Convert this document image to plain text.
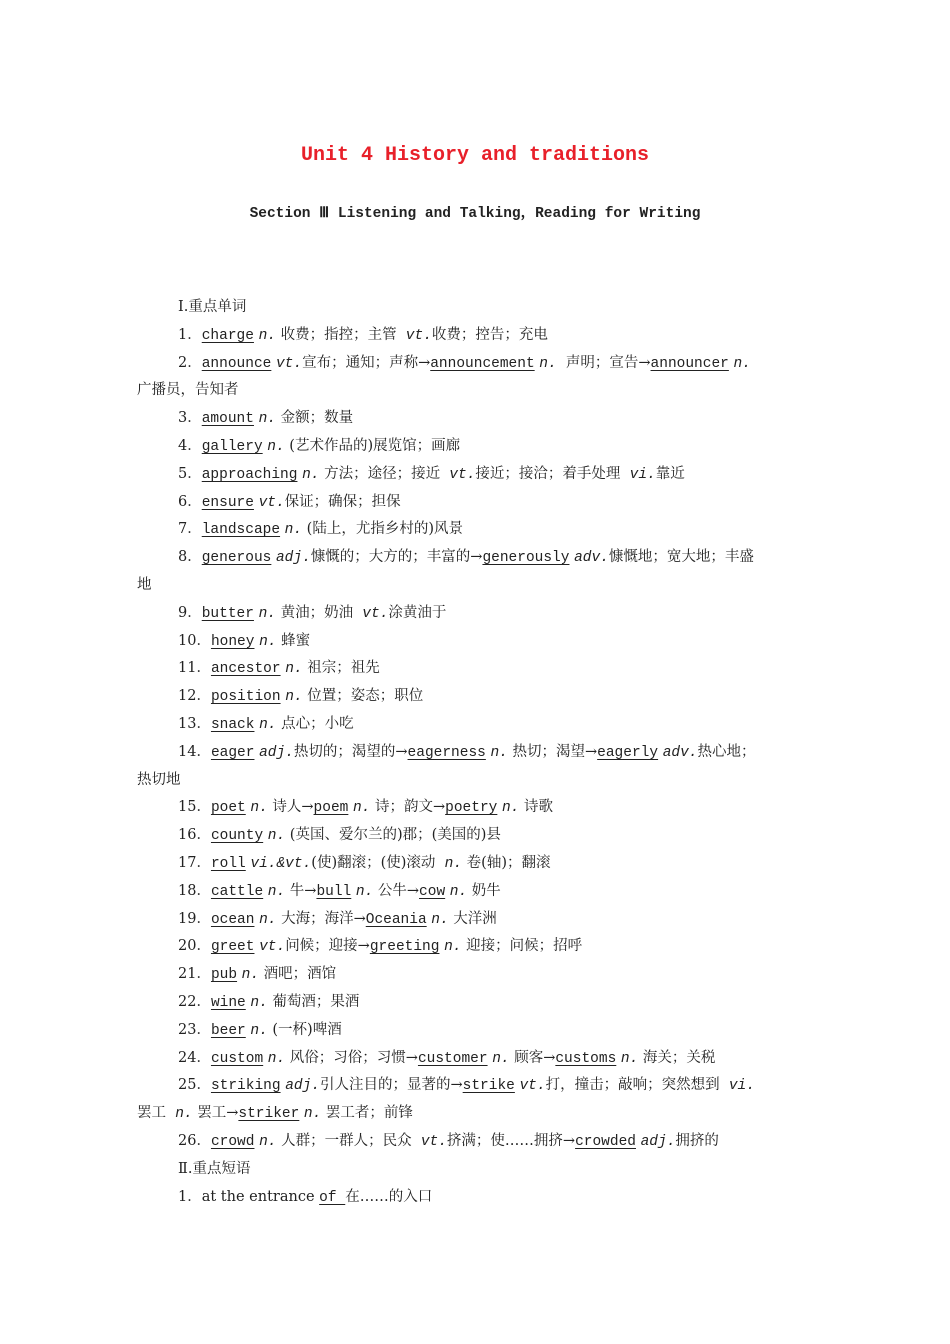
Unit 4 History and traditions
Section Ⅲ Listening and Talking，Reading for Writing
Ⅰ.重点单词
1．charge n. 收费；指控；主管  vt.收费；控告；充电
2．announce vt.宣布；通知；声称→announcement n.  声明；宣告→announcer n.
广播员，告知者
3．amount n. 金额；数量
4．gallery n. (艺术作品的)展览馆；画廊
5．approaching n. 方法；途径；接近  vt.接近；接洽；着手处理  vi.靠近
6．ensure vt.保证；确保；担保
7．landscape n. (陆上，尤指乡村的)风景
8．generous adj.慷慨的；大方的；丰富的→generously adv.慷慨地；宽大地；丰盛
地
9．butter n. 黄油；奶油  vt.涂黄油于
10．honey n. 蜂蜜
11．ancestor n. 祖宗；祖先
12．position n. 位置；姿态；职位
13．snack n. 点心；小吃
14．eager adj.热切的；渴望的→eagerness n. 热切；渴望→eagerly adv.热心地；
热切地
15．poet n. 诗人→poem n. 诗；韵文→poetry n. 诗歌
16．county n. (英国、爱尔兰的)郡；(美国的)县
17．roll vi.&vt.(使)翻滚；(使)滚动  n. 卷(轴)；翻滚
18．cattle n. 牛→bull n. 公牛→cow n. 奶牛
19．ocean n. 大海；海洋→Oceania n. 大洋洲
20．greet vt.问候；迎接→greeting n. 迎接；问候；招呼
21．pub n. 酒吧；酒馆
22．wine n. 葡萄酒；果酒
23．beer n. (一杯)啤酒
24．custom n. 风俗；习俗；习惯→customer n. 顾客→customs n. 海关；关税
25．striking adj.引人注目的；显著的→strike vt.打，撞击；敲响；突然想到  vi.
罢工  n. 罢工→striker n. 罢工者；前锋
26．crowd n. 人群；一群人；民众  vt.挤满；使……拥挤→crowded adj.拥挤的
Ⅱ.重点短语
1．at the entrance of 在……的入口
